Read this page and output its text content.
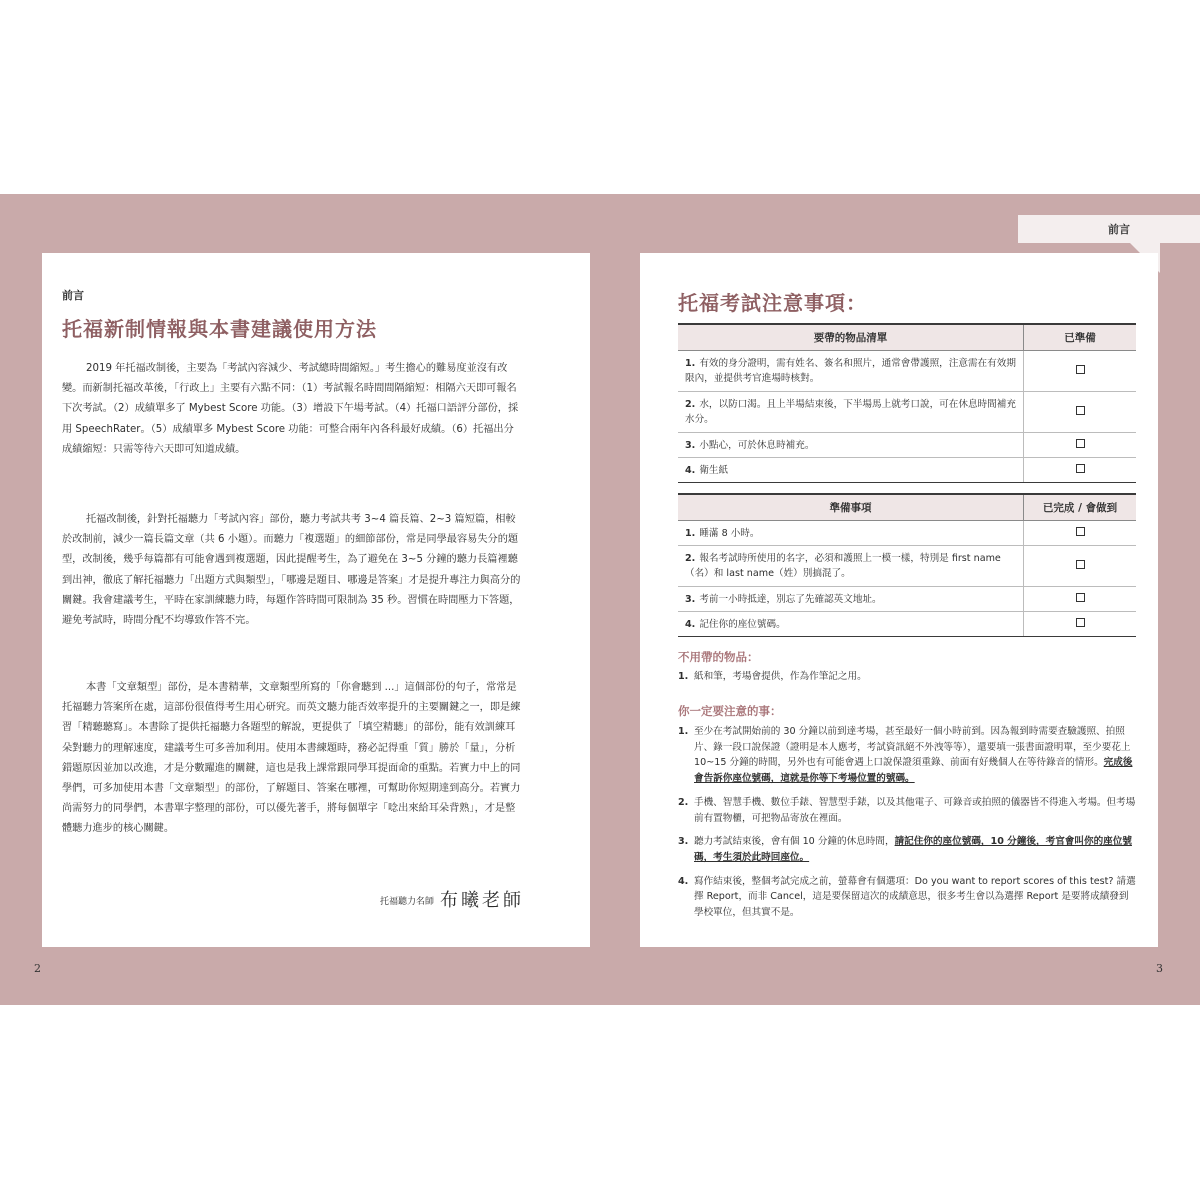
前言
前言
托福新制情報與本書建議使用方法

2019 年托福改制後，主要為「考試內容減少、考試總時間縮短。」考生擔心的難易度並沒有改變。而新制托福改革後，「行政上」主要有六點不同：（1）考試報名時間間隔縮短：相隔六天即可報名下次考試。（2）成績單多了 Mybest Score 功能。（3）增設下午場考試。（4）托福口語評分部份，採用 SpeechRater。（5）成績單多 Mybest Score 功能：可整合兩年內各科最好成績。（6）托福出分成績縮短：只需等待六天即可知道成績。

托福改制後，針對托福聽力「考試內容」部份，聽力考試共考 3~4 篇長篇、2~3 篇短篇，相較於改制前，減少一篇長篇文章（共 6 小題）。而聽力「複選題」的細節部份，常是同學最容易失分的題型，改制後，幾乎每篇都有可能會遇到複選題，因此提醒考生，為了避免在 3~5 分鐘的聽力長篇裡聽到出神，徹底了解托福聽力「出題方式與類型」，「哪邊是題目、哪邊是答案」才是提升專注力與高分的關鍵。我會建議考生，平時在家訓練聽力時，每題作答時間可限制為 35 秒。習慣在時間壓力下答題，避免考試時，時間分配不均導致作答不完。

本書「文章類型」部份，是本書精華，文章類型所寫的「你會聽到 ...」這個部份的句子，常常是托福聽力答案所在處，這部份很值得考生用心研究。而英文聽力能否效率提升的主要關鍵之一，即是練習「精聽聽寫」。本書除了提供托福聽力各題型的解說，更提供了「填空精聽」的部份，能有效訓練耳朵對聽力的理解速度，建議考生可多善加利用。使用本書練題時，務必記得重「質」勝於「量」，分析錯題原因並加以改進，才是分數躍進的關鍵，這也是我上課常跟同學耳提面命的重點。若實力中上的同學們，可多加使用本書「文章類型」的部份，了解題目、答案在哪裡，可幫助你短期達到高分。若實力尚需努力的同學們，本書單字整理的部份，可以優先著手，將每個單字「唸出來給耳朵背熟」，才是整體聽力進步的核心關鍵。

托福聽力名師 布曦老師
托福考試注意事項：
要帶的物品清單	已準備
1. 有效的身分證明，需有姓名、簽名和照片，通常會帶護照，注意需在有效期限內，並提供考官進場時核對。	
2. 水，以防口渴。且上半場結束後，下半場馬上就考口說，可在休息時間補充水分。	
3. 小點心，可於休息時補充。	
4. 衛生紙	
準備事項	已完成 / 會做到
1. 睡滿 8 小時。	
2. 報名考試時所使用的名字，必須和護照上一模一樣，特別是 first name（名）和 last name（姓）別搞混了。	
3. 考前一小時抵達，別忘了先確認英文地址。	
4. 記住你的座位號碼。	
不用帶的物品：
1. 紙和筆，考場會提供，作為作筆記之用。
你一定要注意的事：
1. 至少在考試開始前的 30 分鐘以前到達考場，甚至最好一個小時前到。因為報到時需要查驗護照、拍照片、錄一段口說保證（證明是本人應考，考試資訊絕不外洩等等），還要填一張書面證明單，至少要花上 10~15 分鐘的時間，另外也有可能會遇上口說保證須重錄、前面有好幾個人在等待錄音的情形。完成後會告訴你座位號碼，這就是你等下考場位置的號碼。
2. 手機、智慧手機、數位手錶、智慧型手錶，以及其他電子、可錄音或拍照的儀器皆不得進入考場。但考場前有置物櫃，可把物品寄放在裡面。
3. 聽力考試結束後，會有個 10 分鐘的休息時間，請記住你的座位號碼，10 分鐘後，考官會叫你的座位號碼，考生須於此時回座位。
4. 寫作結束後，整個考試完成之前，螢幕會有個選項：Do you want to report scores of this test? 請選擇 Report，而非 Cancel，這是要保留這次的成績意思，很多考生會以為選擇 Report 是要將成績發到學校單位，但其實不是。
2	3
